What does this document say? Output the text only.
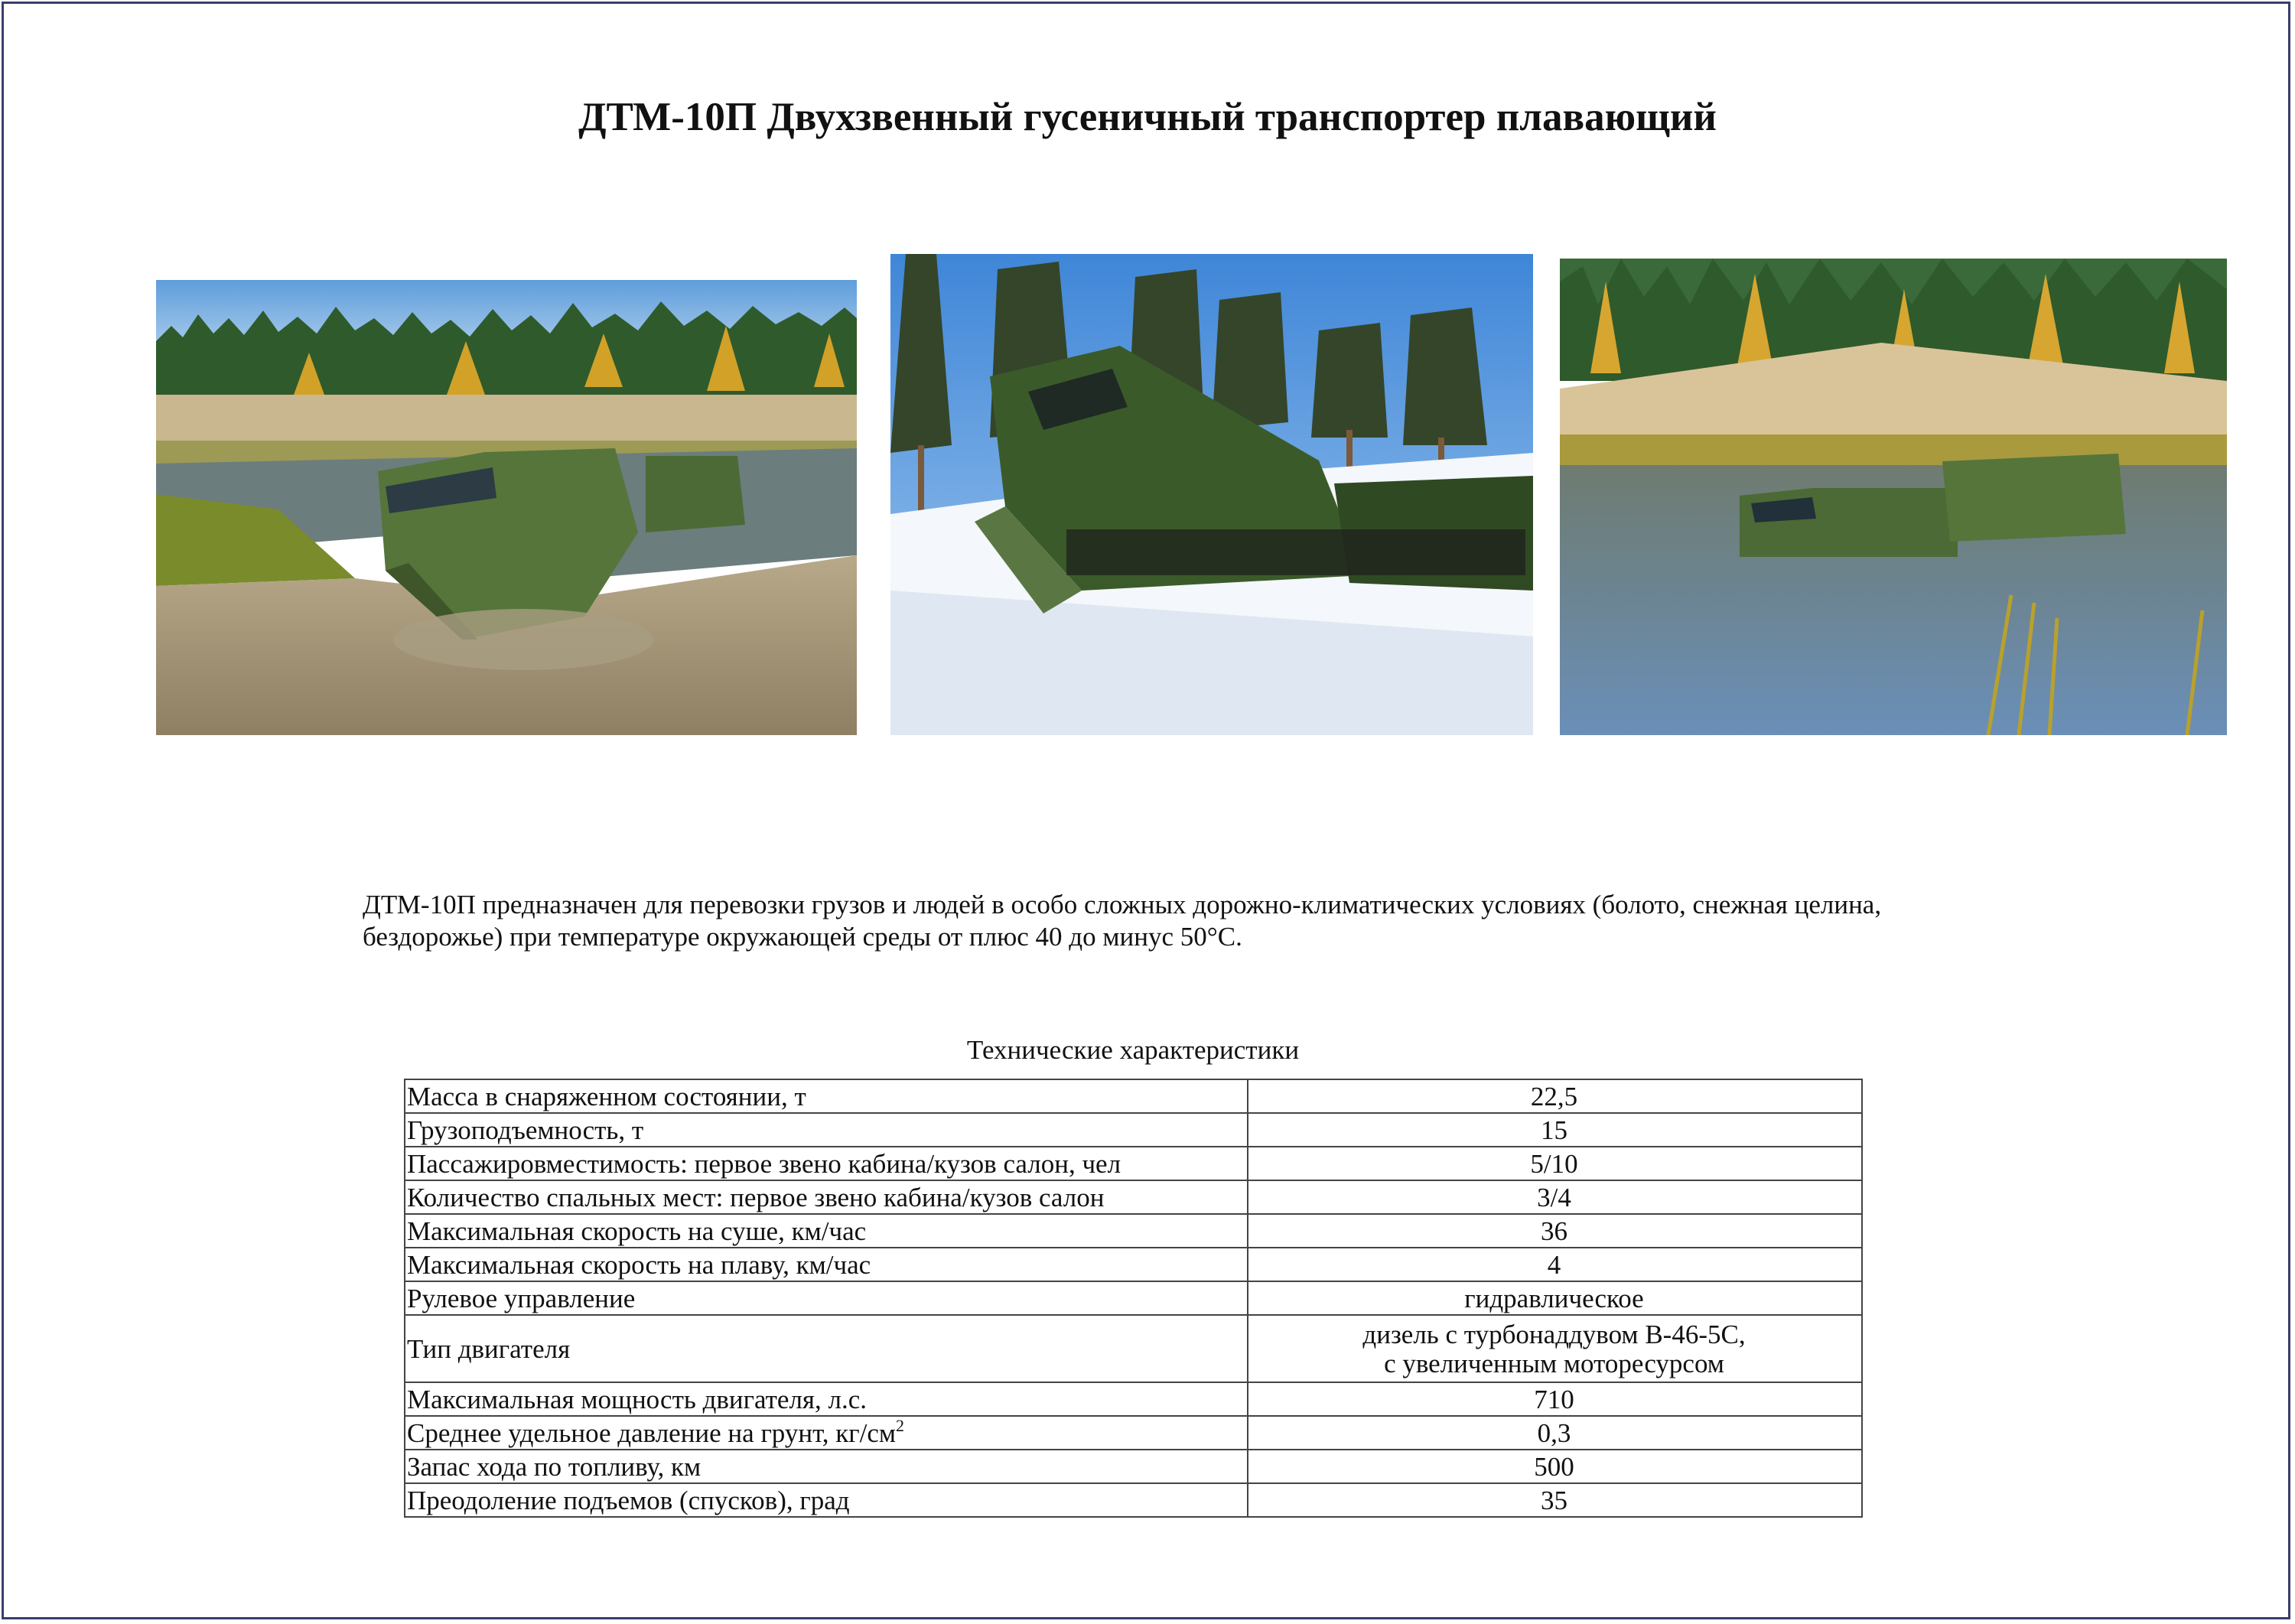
ДТМ-10П Двухзвенный гусеничный транспортер плавающий
ДТМ-10П предназначен для перевозки грузов и людей в особо сложных дорожно-климатических условиях (болото, снежная целина, бездорожье) при температуре окружающей среды от плюс 40 до минус 50°С.
Технические характеристики
Масса в снаряженном состоянии, т	22,5
Грузоподъемность, т	15
Пассажировместимость: первое звено кабина/кузов салон, чел	5/10
Количество спальных мест: первое звено кабина/кузов салон	3/4
Максимальная скорость на суше, км/час	36
Максимальная скорость на плаву, км/час	4
Рулевое управление	гидравлическое
Тип двигателя	дизель с турбонаддувом В-46-5С,
с увеличенным моторесурсом

Максимальная мощность двигателя, л.с.	710
Среднее удельное давление на грунт, $кг/см^2$	0,3
Запас хода по топливу, км	500
Преодоление подъемов (спусков), град	35
